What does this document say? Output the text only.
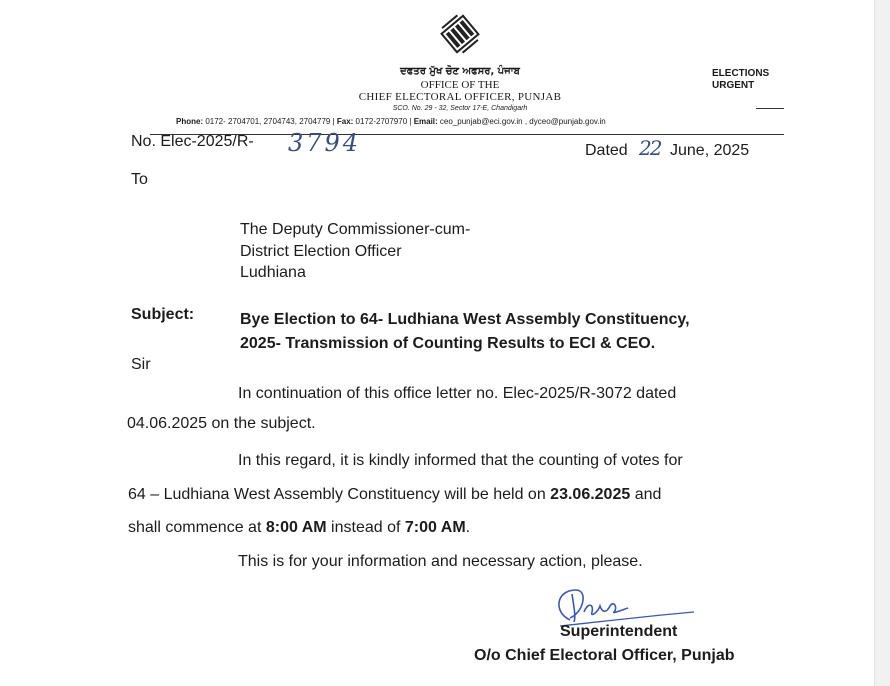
ਦਫਤਰ ਮੁੱਖ ਚੋਣ ਅਫਸਰ, ਪੰਜਾਬ
OFFICE OF THE
CHIEF ELECTORAL OFFICER, PUNJAB
SCO. No. 29 - 32, Sector 17-E, Chandigarh
Phone: 0172- 2704701, 2704743, 2704779 | Fax: 0172-2707970 | Email: ceo_punjab@eci.gov.in , dyceo@punjab.gov.in
ELECTIONS
URGENT
No. Elec-2025/R- 3794	Dated 22 June, 2025
To
The Deputy Commissioner-cum-
District Election Officer
Ludhiana
Subject:	Bye Election to 64- Ludhiana West Assembly Constituency,
2025- Transmission of Counting Results to ECI & CEO.
Sir
In continuation of this office letter no. Elec-2025/R-3072 dated
04.06.2025 on the subject.
In this regard, it is kindly informed that the counting of votes for
64 – Ludhiana West Assembly Constituency will be held on 23.06.2025 and
shall commence at 8:00 AM instead of 7:00 AM.
This is for your information and necessary action, please.
Superintendent
O/o Chief Electoral Officer, Punjab
